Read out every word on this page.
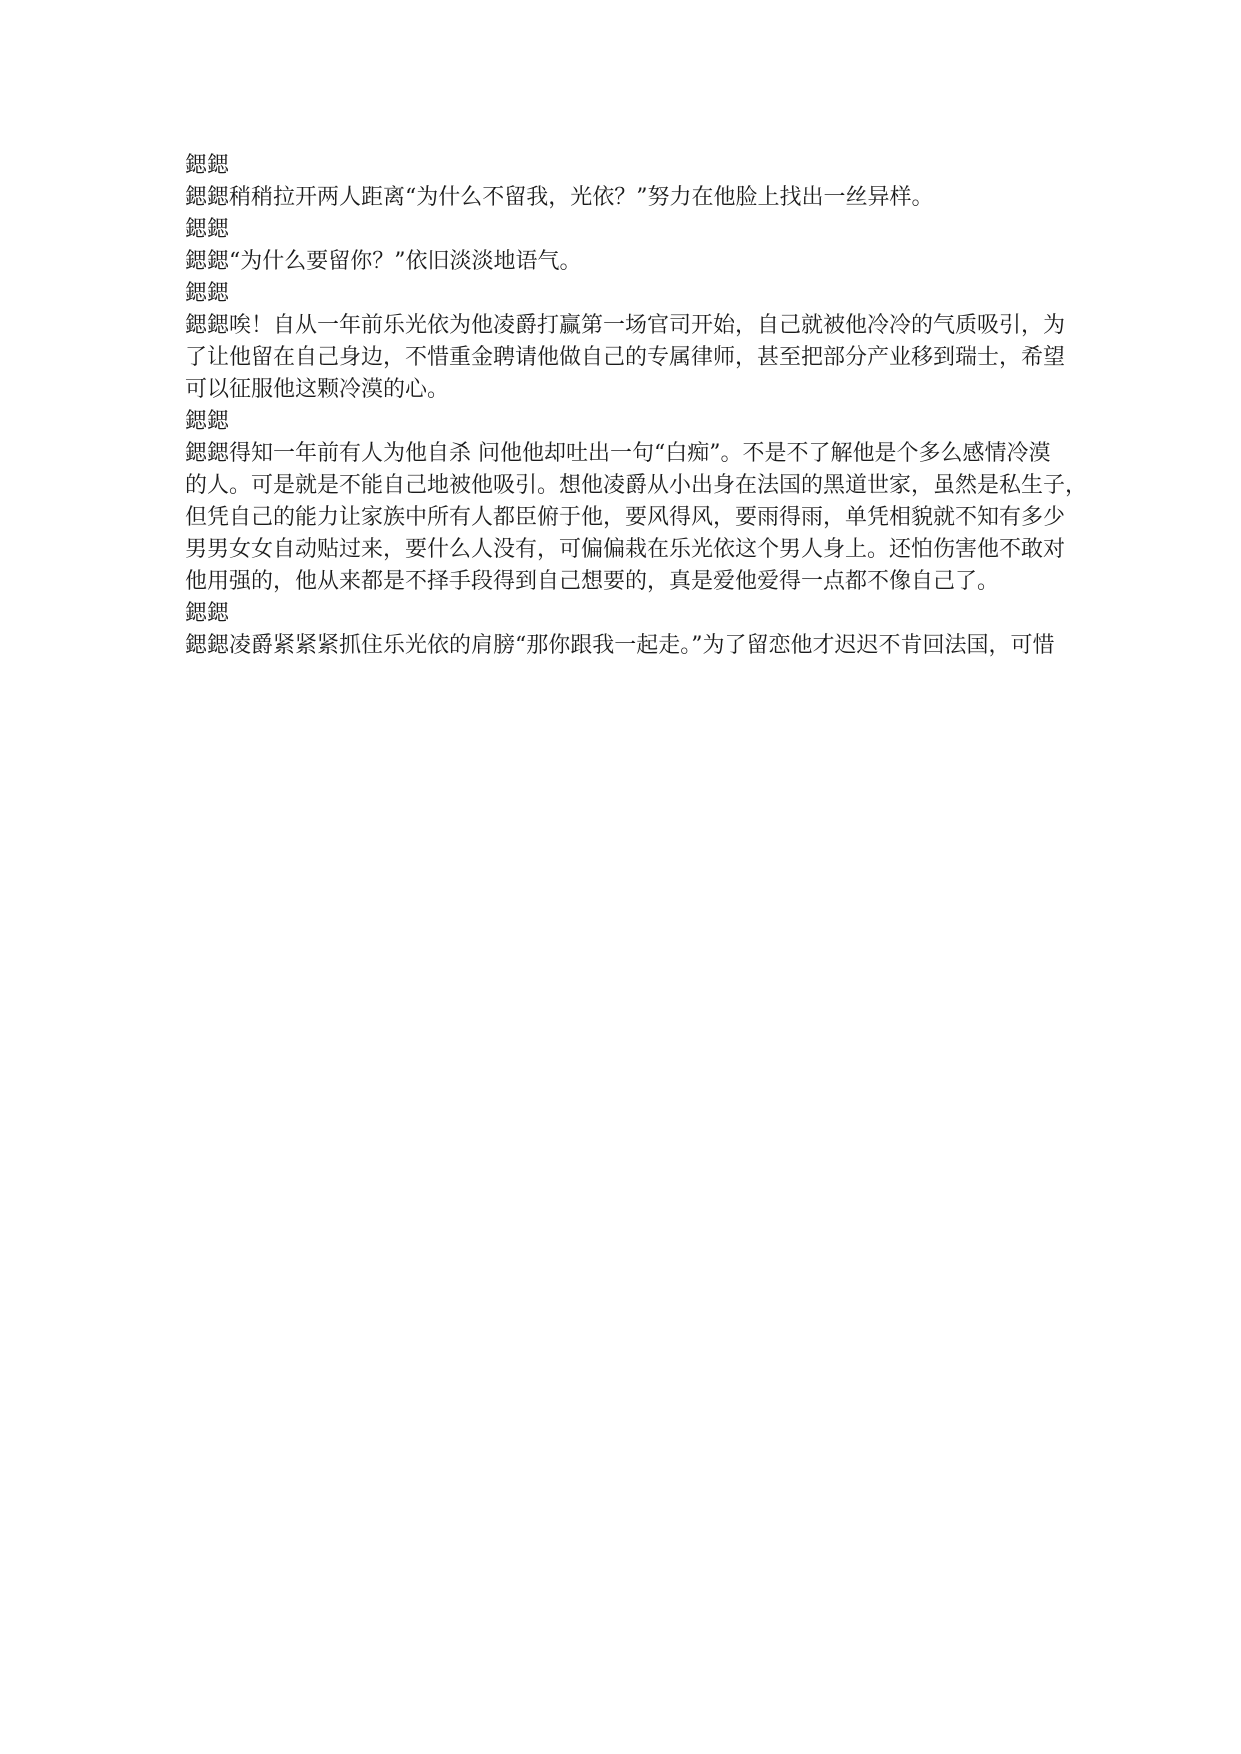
鍶鍶

鍶鍶稍稍拉开两人距离“为什么不留我，光依？”努力在他脸上找出一丝异样。

鍶鍶

鍶鍶“为什么要留你？”依旧淡淡地语气。

鍶鍶

鍶鍶唉！自从一年前乐光依为他凌爵打赢第一场官司开始，自己就被他冷冷的气质吸引，为
了让他留在自己身边，不惜重金聘请他做自己的专属律师，甚至把部分产业移到瑞士，希望
可以征服他这颗冷漠的心。

鍶鍶

鍶鍶得知一年前有人为他自杀 问他他却吐出一句“白痴”。不是不了解他是个多么感情冷漠
的人。可是就是不能自己地被他吸引。想他凌爵从小出身在法国的黑道世家，虽然是私生子，
但凭自己的能力让家族中所有人都臣俯于他，要风得风，要雨得雨，单凭相貌就不知有多少
男男女女自动贴过来，要什么人没有，可偏偏栽在乐光依这个男人身上。还怕伤害他不敢对
他用强的，他从来都是不择手段得到自己想要的，真是爱他爱得一点都不像自己了。

鍶鍶

鍶鍶凌爵紧紧紧抓住乐光依的肩膀“那你跟我一起走。”为了留恋他才迟迟不肯回法国，可惜
